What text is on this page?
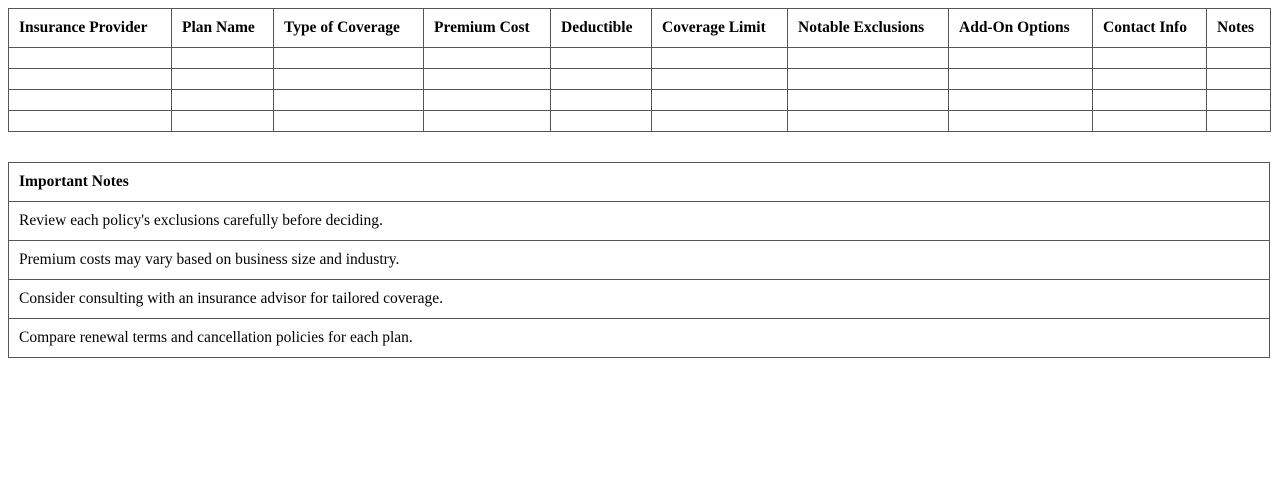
Insurance Provider	Plan Name	Type of Coverage	Premium Cost	Deductible	Coverage Limit	Notable Exclusions	Add-On Options	Contact Info	Notes

Important Notes
Review each policy's exclusions carefully before deciding.
Premium costs may vary based on business size and industry.
Consider consulting with an insurance advisor for tailored coverage.
Compare renewal terms and cancellation policies for each plan.
